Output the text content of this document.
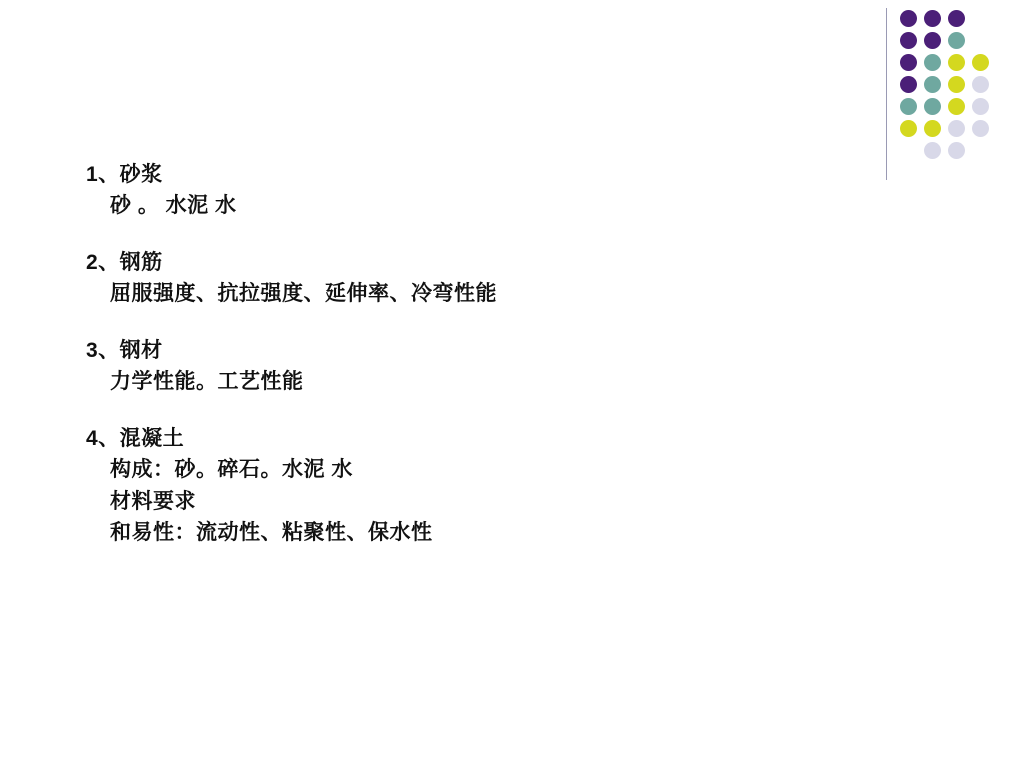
1、砂浆
砂 。 水泥 水
2、钢筋
屈服强度、抗拉强度、延伸率、冷弯性能
3、钢材
力学性能。工艺性能
4、混凝土
构成：砂。碎石。水泥 水
材料要求
和易性：流动性、粘聚性、保水性
